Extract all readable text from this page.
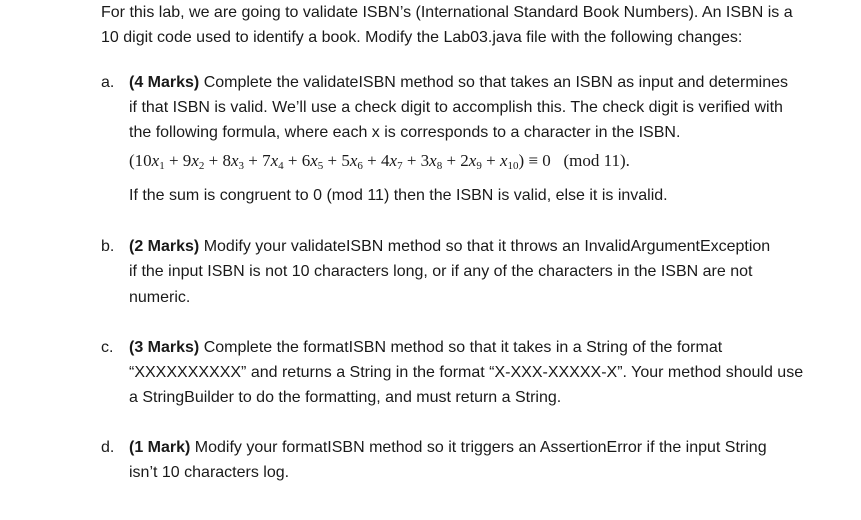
For this lab, we are going to validate ISBN’s (International Standard Book Numbers). An ISBN is a
10 digit code used to identify a book. Modify the Lab03.java file with the following changes:
a. (4 Marks) Complete the validateISBN method so that takes an ISBN as input and determines
if that ISBN is valid. We’ll use a check digit to accomplish this. The check digit is verified with
the following formula, where each x is corresponds to a character in the ISBN.
$(10x_1 + 9x_2 + 8x_3 + 7x_4 + 6x_5 + 5x_6 + 4x_7 + 3x_8 + 2x_9 + x_{10}) \equiv 0$   (mod 11).
If the sum is congruent to 0 (mod 11) then the ISBN is valid, else it is invalid.
b. (2 Marks) Modify your validateISBN method so that it throws an InvalidArgumentException
if the input ISBN is not 10 characters long, or if any of the characters in the ISBN are not
numeric.
c. (3 Marks) Complete the formatISBN method so that it takes in a String of the format
“XXXXXXXXXX” and returns a String in the format “X-XXX-XXXXX-X”. Your method should use
a StringBuilder to do the formatting, and must return a String.
d. (1 Mark) Modify your formatISBN method so it triggers an AssertionError if the input String
isn’t 10 characters log.
